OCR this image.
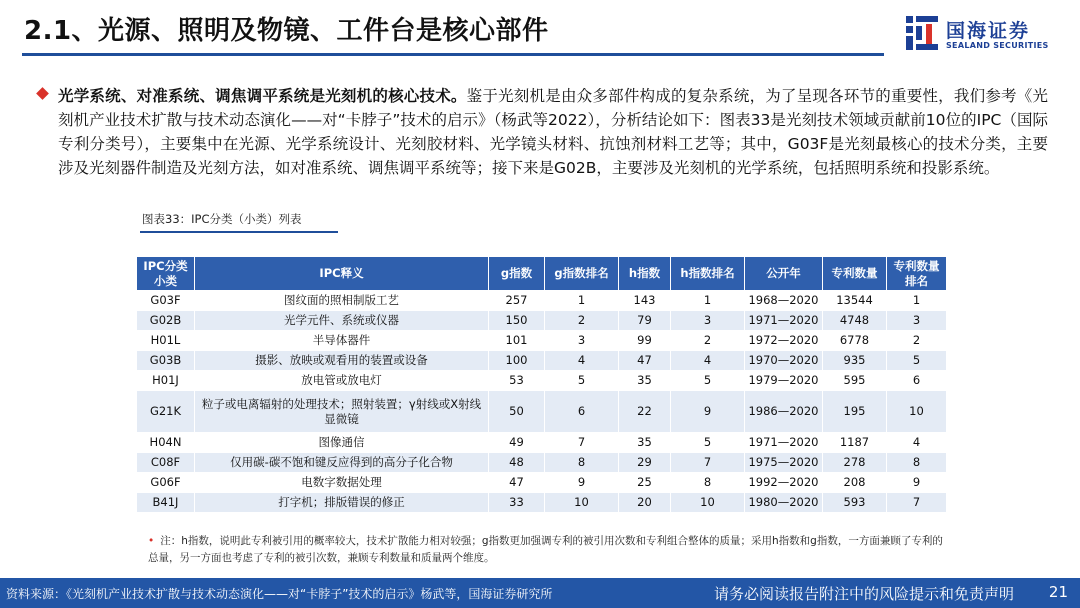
2.1、光源、照明及物镜、工件台是核心部件	国海证券
SEALAND SECURITIES
光学系统、对准系统、调焦调平系统是光刻机的核心技术。鉴于光刻机是由众多部件构成的复杂系统，为了呈现各环节的重要性，我们参考《光刻机产业技术扩散与技术动态演化——对“卡脖子”技术的启示》（杨武等2022），分析结论如下：图表33是光刻技术领域贡献前10位的IPC（国际专利分类号），主要集中在光源、光学系统设计、光刻胶材料、光学镜头材料、抗蚀剂材料工艺等；其中，G03F是光刻最核心的技术分类，主要涉及光刻器件制造及光刻方法，如对准系统、调焦调平系统等；接下来是G02B，主要涉及光刻机的光学系统，包括照明系统和投影系统。
图表33：IPC分类（小类）列表
IPC分类小类	IPC释义	g指数	g指数排名	h指数	h指数排名	公开年	专利数量	专利数量排名
G03F	图纹面的照相制版工艺	257	1	143	1	1968—2020	13544	1
G02B	光学元件、系统或仪器	150	2	79	3	1971—2020	4748	3
H01L	半导体器件	101	3	99	2	1972—2020	6778	2
G03B	摄影、放映或观看用的装置或设备	100	4	47	4	1970—2020	935	5
H01J	放电管或放电灯	53	5	35	5	1979—2020	595	6
G21K	粒子或电离辐射的处理技术；照射装置；γ射线或X射线显微镜	50	6	22	9	1986—2020	195	10
H04N	图像通信	49	7	35	5	1971—2020	1187	4
C08F	仅用碳-碳不饱和键反应得到的高分子化合物	48	8	29	7	1975—2020	278	8
G06F	电数字数据处理	47	9	25	8	1992—2020	208	9
B41J	打字机；排版错误的修正	33	10	20	10	1980—2020	593	7
• 注：h指数，说明此专利被引用的概率较大，技术扩散能力相对较强；g指数更加强调专利的被引用次数和专利组合整体的质量；采用h指数和g指数，一方面兼顾了专利的总量，另一方面也考虑了专利的被引次数，兼顾专利数量和质量两个维度。
资料来源：《光刻机产业技术扩散与技术动态演化——对“卡脖子”技术的启示》杨武等，国海证券研究所	请务必阅读报告附注中的风险提示和免责声明 21
